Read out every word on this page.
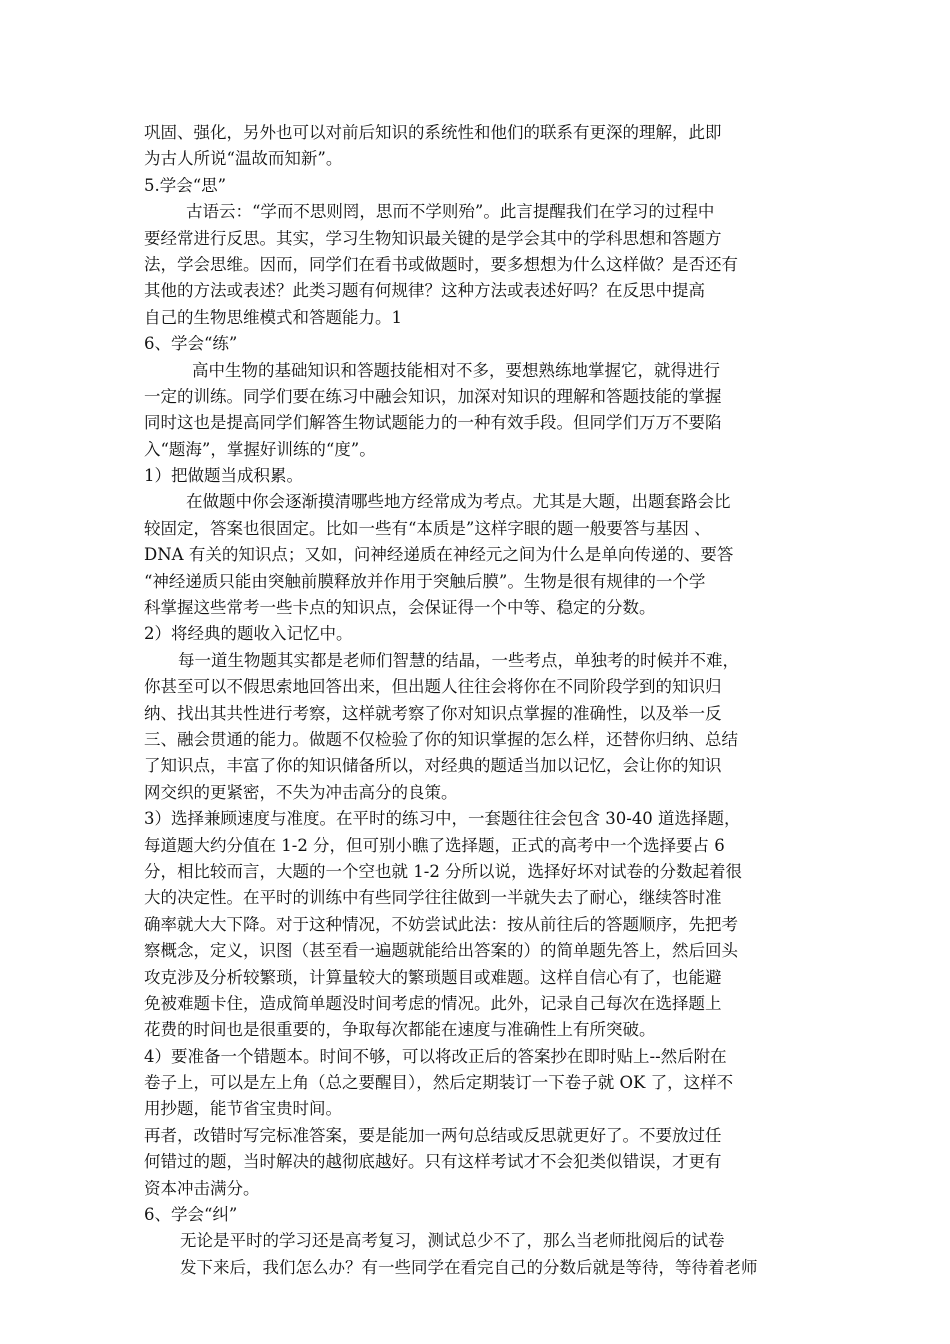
巩固、强化，另外也可以对前后知识的系统性和他们的联系有更深的理解，此即
为古人所说“温故而知新”。
5.学会“思”
古语云：“学而不思则罔，思而不学则殆”。此言提醒我们在学习的过程中
要经常进行反思。其实，学习生物知识最关键的是学会其中的学科思想和答题方
法，学会思维。因而，同学们在看书或做题时，要多想想为什么这样做？是否还有
其他的方法或表述？此类习题有何规律？这种方法或表述好吗？在反思中提高
自己的生物思维模式和答题能力。1
6、学会“练”
高中生物的基础知识和答题技能相对不多，要想熟练地掌握它，就得进行
一定的训练。同学们要在练习中融会知识，加深对知识的理解和答题技能的掌握
同时这也是提高同学们解答生物试题能力的一种有效手段。但同学们万万不要陷
入“题海”，掌握好训练的“度”。
1）把做题当成积累。
在做题中你会逐渐摸清哪些地方经常成为考点。尤其是大题，出题套路会比
较固定，答案也很固定。比如一些有“本质是”这样字眼的题一般要答与基因 、
DNA 有关的知识点；又如，问神经递质在神经元之间为什么是单向传递的、要答
“神经递质只能由突触前膜释放并作用于突触后膜”。生物是很有规律的一个学
科掌握这些常考一些卡点的知识点，会保证得一个中等、稳定的分数。
2）将经典的题收入记忆中。
每一道生物题其实都是老师们智慧的结晶，一些考点，单独考的时候并不难，
你甚至可以不假思索地回答出来，但出题人往往会将你在不同阶段学到的知识归
纳、找出其共性进行考察，这样就考察了你对知识点掌握的准确性，以及举一反
三、融会贯通的能力。做题不仅检验了你的知识掌握的怎么样，还替你归纳、总结
了知识点，丰富了你的知识储备所以，对经典的题适当加以记忆，会让你的知识
网交织的更紧密，不失为冲击高分的良策。
3）选择兼顾速度与准度。在平时的练习中，一套题往往会包含 30-40 道选择题，
每道题大约分值在 1-2 分，但可别小瞧了选择题，正式的高考中一个选择要占 6
分，相比较而言，大题的一个空也就 1-2 分所以说，选择好坏对试卷的分数起着很
大的决定性。在平时的训练中有些同学往往做到一半就失去了耐心，继续答时准
确率就大大下降。对于这种情况，不妨尝试此法：按从前往后的答题顺序，先把考
察概念，定义，识图（甚至看一遍题就能给出答案的）的简单题先答上，然后回头
攻克涉及分析较繁琐，计算量较大的繁琐题目或难题。这样自信心有了，也能避
免被难题卡住，造成简单题没时间考虑的情况。此外，记录自己每次在选择题上
花费的时间也是很重要的，争取每次都能在速度与准确性上有所突破。
4）要准备一个错题本。时间不够，可以将改正后的答案抄在即时贴上--然后附在
卷子上，可以是左上角（总之要醒目），然后定期装订一下卷子就 OK 了，这样不
用抄题，能节省宝贵时间。
再者，改错时写完标准答案，要是能加一两句总结或反思就更好了。不要放过任
何错过的题，当时解决的越彻底越好。只有这样考试才不会犯类似错误，才更有
资本冲击满分。
6、学会“纠”
无论是平时的学习还是高考复习，测试总少不了，那么当老师批阅后的试卷
发下来后，我们怎么办？有一些同学在看完自己的分数后就是等待，等待着老师
